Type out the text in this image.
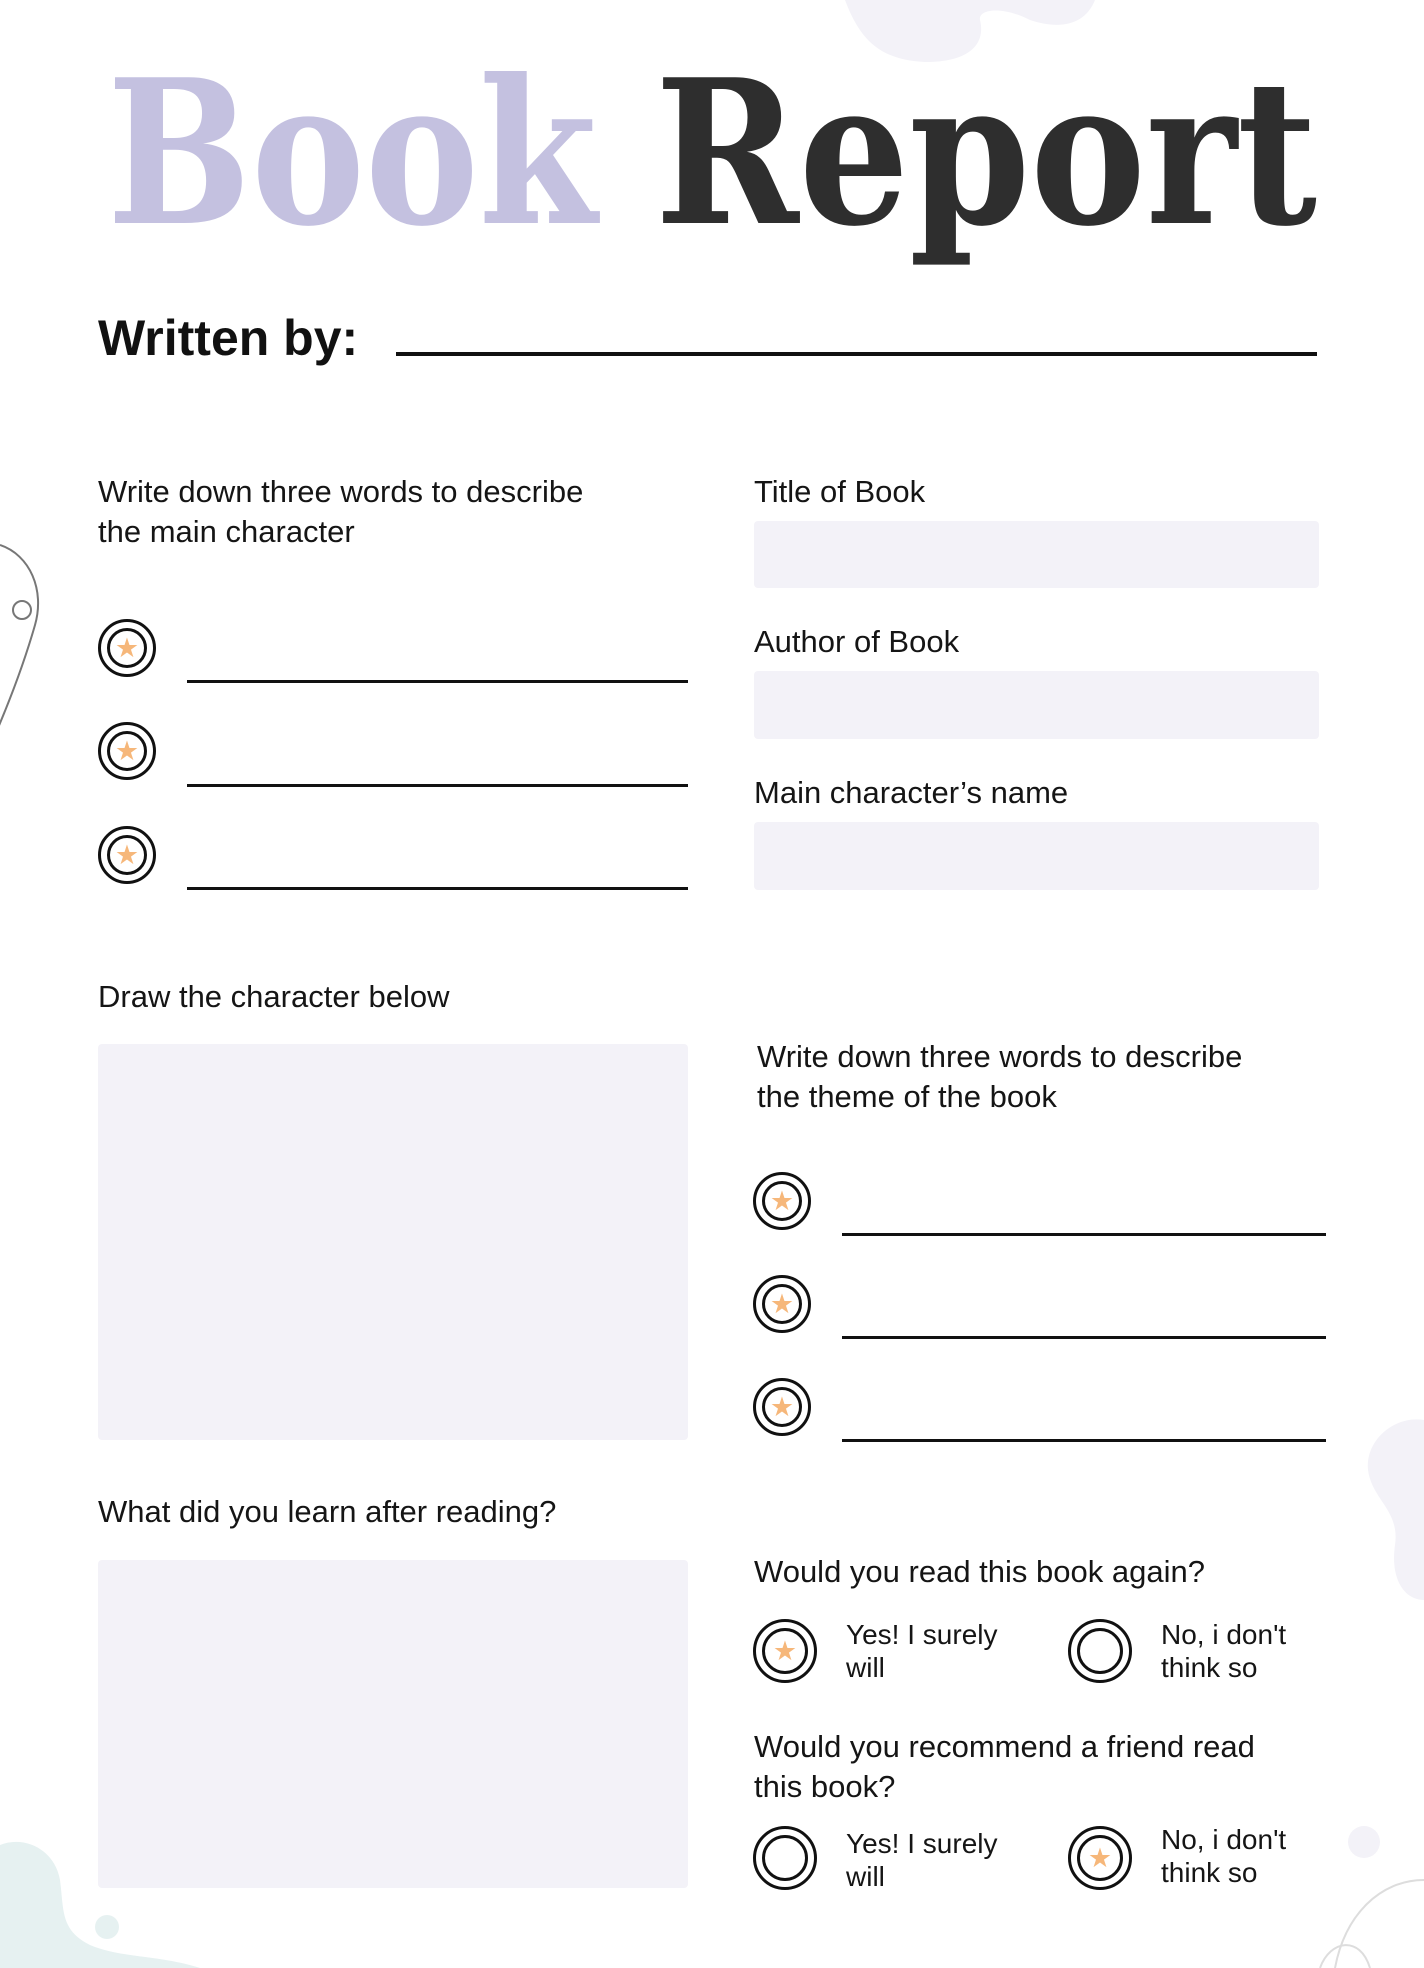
Book Report
Written by:
Write down three words to describe
the main character
★
★
★
Title of Book
Author of Book
Main character’s name
Draw the character below
Write down three words to describe
the theme of the book
★
★
★
What did you learn after reading?
Would you read this book again?
★
Yes! I surely
will
No, i don't
think so
Would you recommend a friend read
this book?
Yes! I surely
will
★
No, i don't
think so
